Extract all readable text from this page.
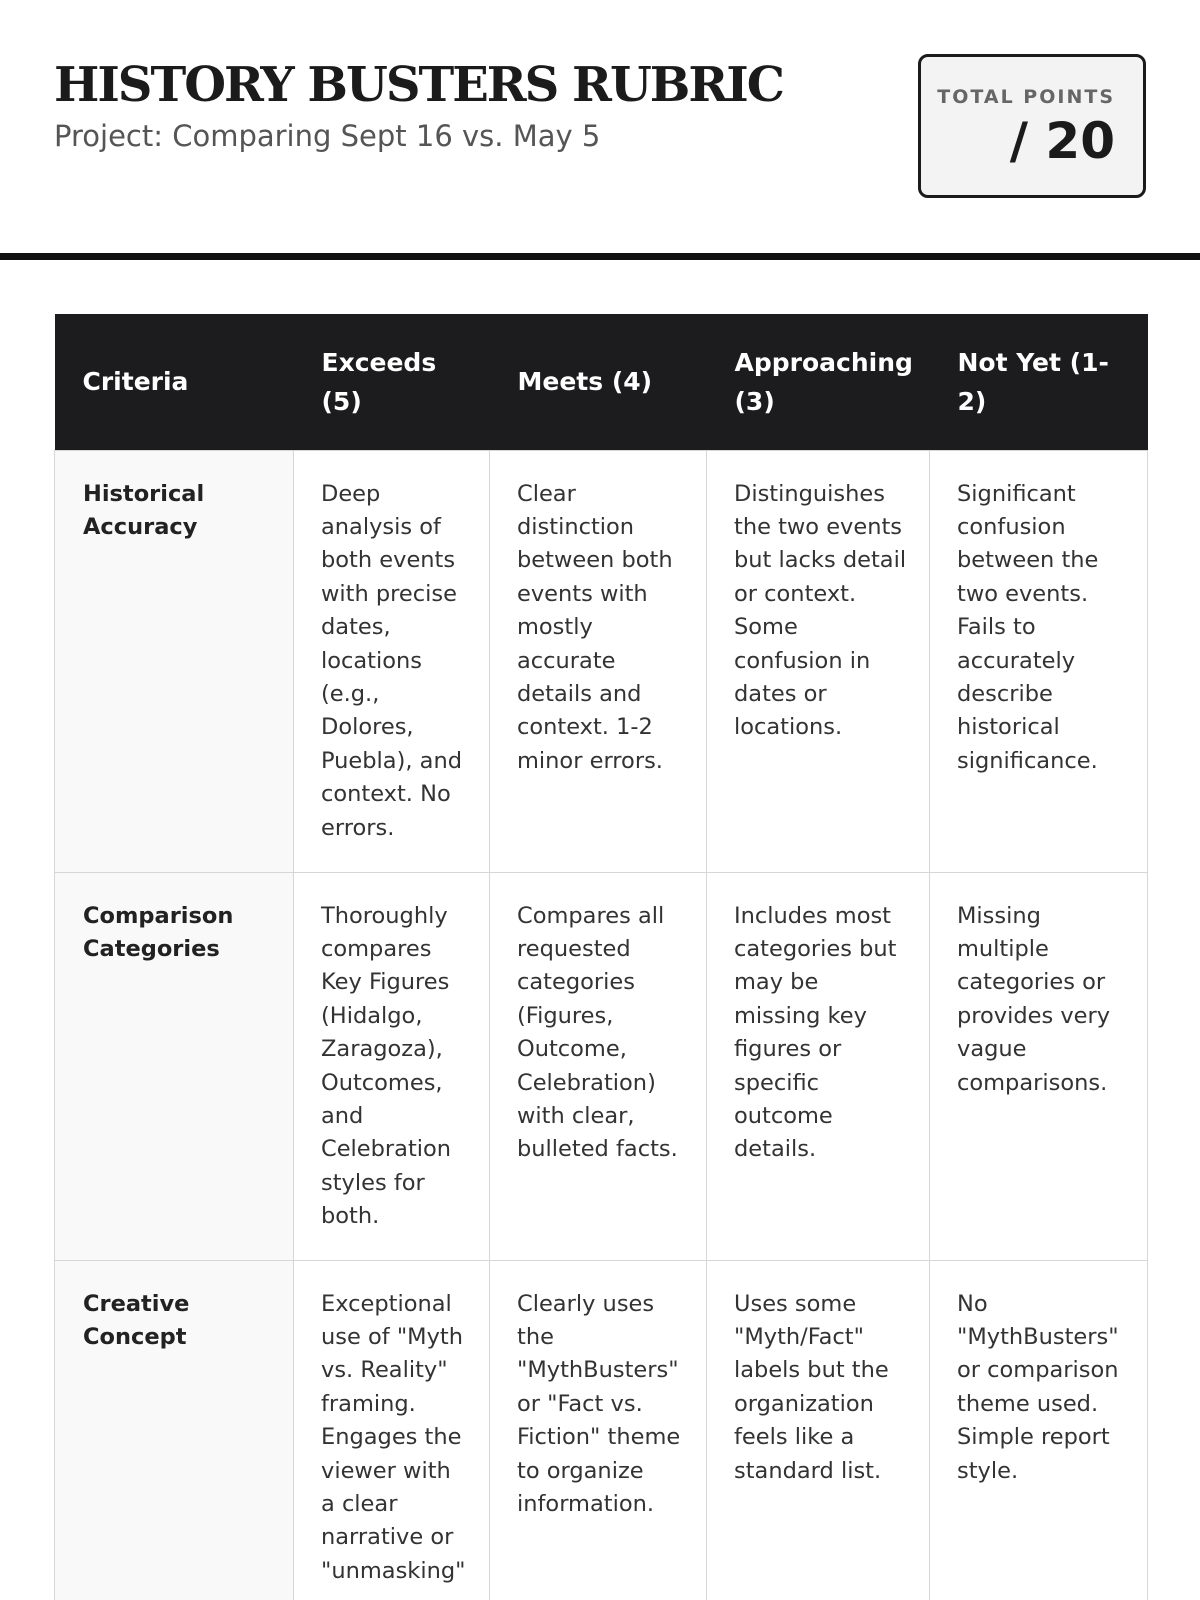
HISTORY BUSTERS RUBRIC

Project: Comparing Sept 16 vs. May 5

TOTAL POINTS
/ 20
Criteria	Exceeds (5)	Meets (4)	Approaching (3)	Not Yet (1-2)
Historical Accuracy	Deep analysis of both events with precise dates, locations (e.g., Dolores, Puebla), and context. No errors.	Clear distinction between both events with mostly accurate details and context. 1-2 minor errors.	Distinguishes the two events but lacks detail or context. Some confusion in dates or locations.	Significant confusion between the two events. Fails to accurately describe historical significance.
Comparison Categories	Thoroughly compares Key Figures (Hidalgo, Zaragoza), Outcomes, and Celebration styles for both.	Compares all requested categories (Figures, Outcome, Celebration) with clear, bulleted facts.	Includes most categories but may be missing key figures or specific outcome details.	Missing multiple categories or provides very vague comparisons.
Creative Concept	Exceptional use of "Myth vs. Reality" framing. Engages the viewer with a clear narrative or "unmasking"	Clearly uses the "MythBusters" or "Fact vs. Fiction" theme to organize information.	Uses some "Myth/Fact" labels but the organization feels like a standard list.	No "MythBusters" or comparison theme used. Simple report style.
